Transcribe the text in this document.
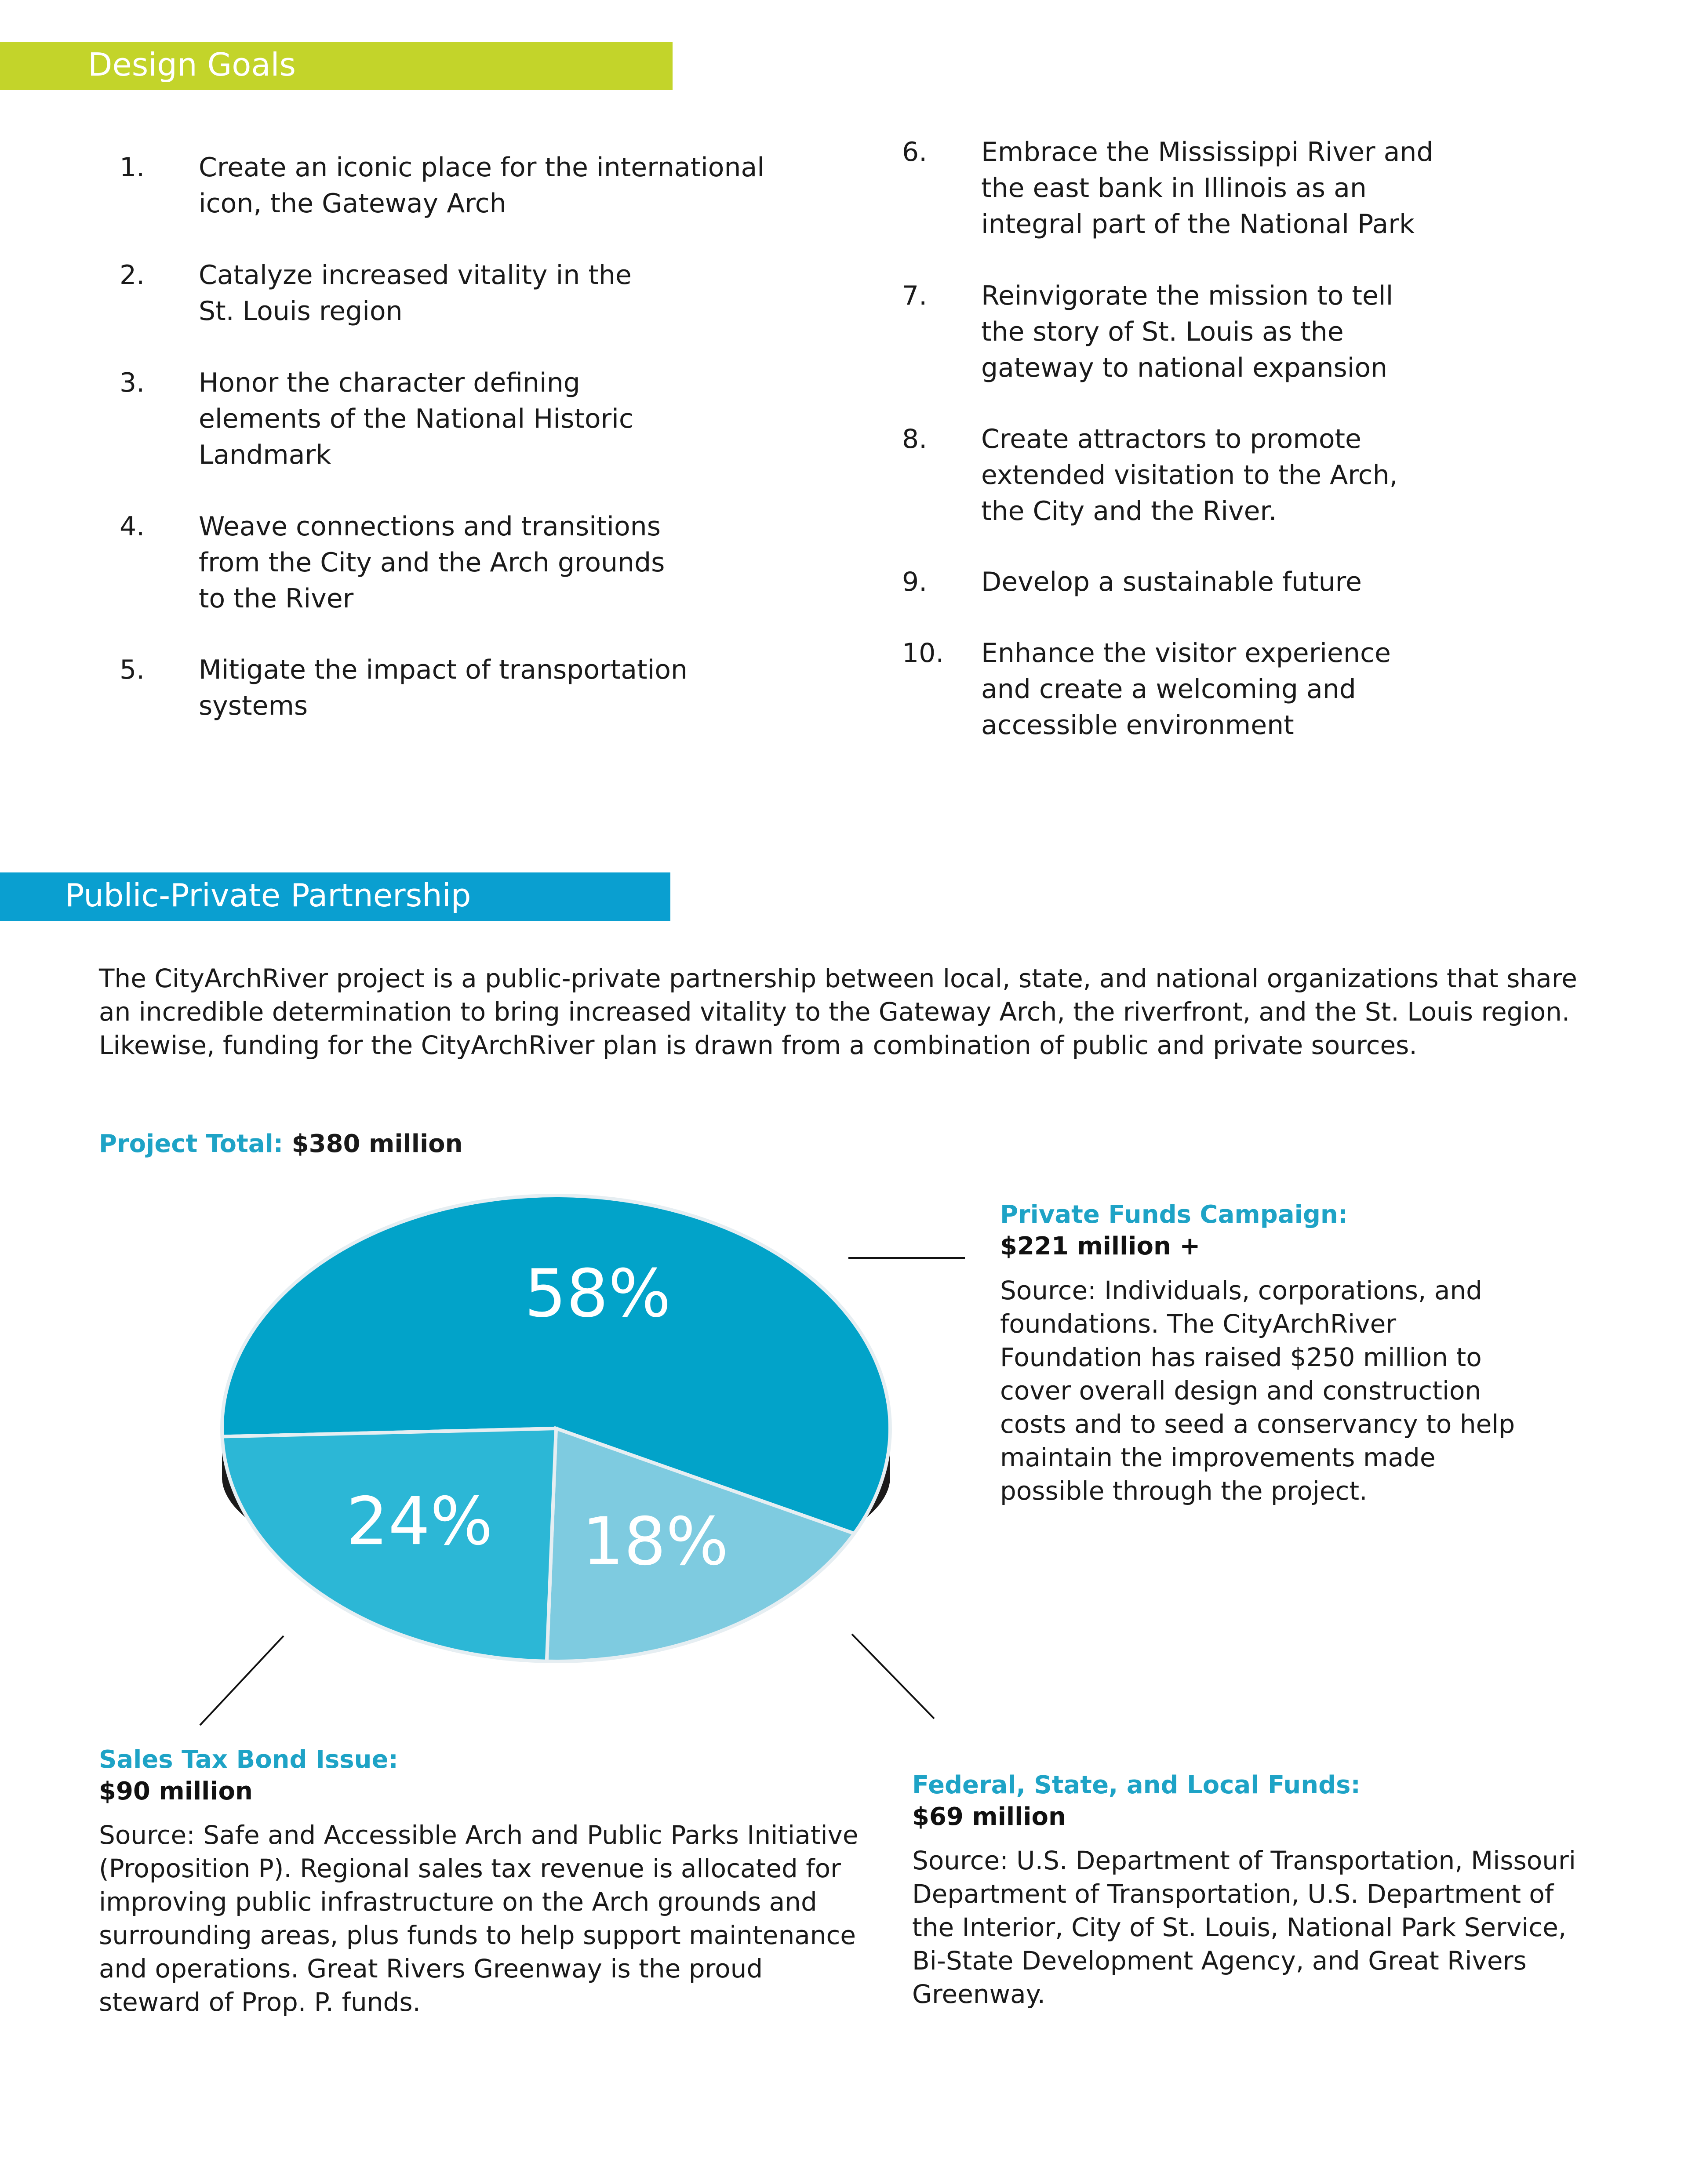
Design Goals
1. Create an iconic place for the international icon, the Gateway Arch
2. Catalyze increased vitality in the St. Louis region
3. Honor the character defining elements of the National Historic Landmark
4. Weave connections and transitions from the City and the Arch grounds to the River
5. Mitigate the impact of transportation systems
6. Embrace the Mississippi River and the east bank in Illinois as an integral part of the National Park
7. Reinvigorate the mission to tell the story of St. Louis as the gateway to national expansion
8. Create attractors to promote extended visitation to the Arch, the City and the River.
9. Develop a sustainable future
10. Enhance the visitor experience and create a welcoming and accessible environment
Public-Private Partnership
The CityArchRiver project is a public-private partnership between local, state, and national organizations that share an incredible determination to bring increased vitality to the Gateway Arch, the riverfront, and the St. Louis region. Likewise, funding for the CityArchRiver plan is drawn from a combination of public and private sources.
Project Total: $380 million
58%
18%
24%
Private Funds Campaign:
$221 million +
Source: Individuals, corporations, and foundations. The CityArchRiver Foundation has raised $250 million to cover overall design and construction costs and to seed a conservancy to help maintain the improvements made possible through the project.
Sales Tax Bond Issue:
$90 million
Source: Safe and Accessible Arch and Public Parks Initiative (Proposition P). Regional sales tax revenue is allocated for improving public infrastructure on the Arch grounds and surrounding areas, plus funds to help support maintenance and operations. Great Rivers Greenway is the proud steward of Prop. P. funds.
Federal, State, and Local Funds:
$69 million
Source: U.S. Department of Transportation, Missouri Department of Transportation, U.S. Department of the Interior, City of St. Louis, National Park Service, Bi-State Development Agency, and Great Rivers Greenway.
